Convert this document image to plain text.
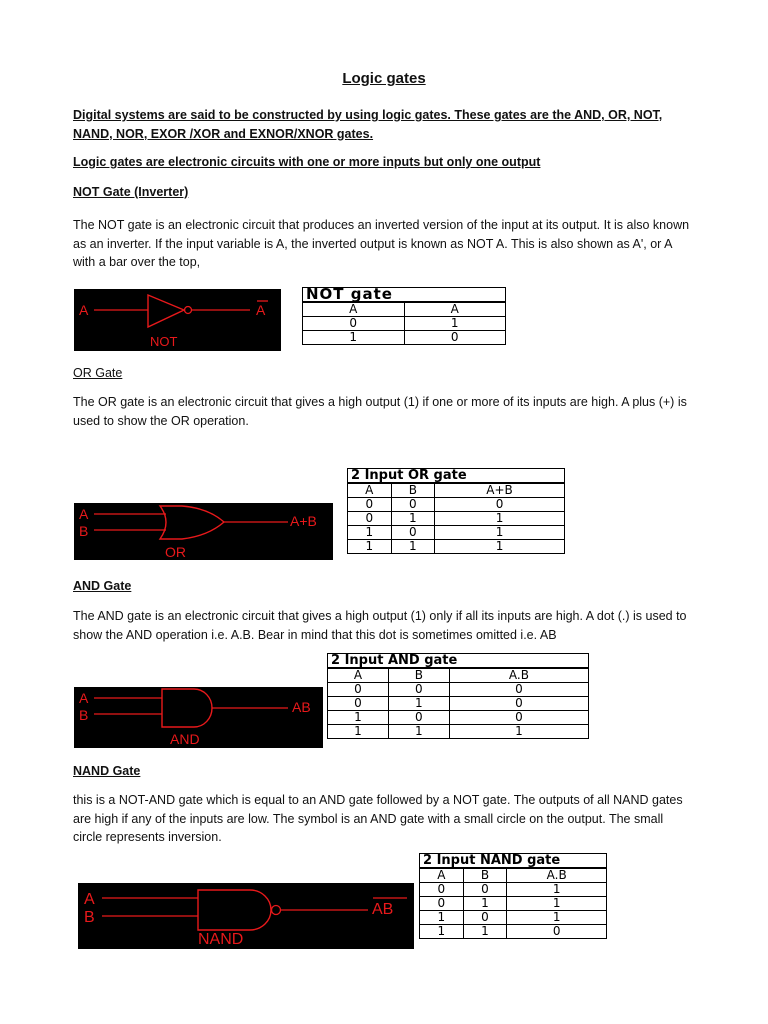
Logic gates
Digital systems are said to be constructed by using logic gates. These gates are the AND, OR, NOT, NAND, NOR, EXOR /XOR and EXNOR/XNOR gates.
Logic gates are electronic circuits with one or more inputs but only one output
NOT Gate (Inverter)
The NOT gate is an electronic circuit that produces an inverted version of the input at its output. It is also known as an inverter. If the input variable is A, the inverted output is known as NOT A. This is also shown as A', or A with a bar over the top,
A	A
NOT
NOT gate	
A	$\overline{A}$
0	1
1	0
OR Gate
The OR gate is an electronic circuit that gives a high output (1) if one or more of its inputs are high. A plus (+) is used to show the OR operation.
2 Input OR gate		
A	B	A+B
0	0	0
0	1	1
1	0	1
1	1	1
A
B
A+B
OR
AND Gate
The AND gate is an electronic circuit that gives a high output (1) only if all its inputs are high. A dot (.) is used to show the AND operation i.e. A.B. Bear in mind that this dot is sometimes omitted i.e. AB
2 Input AND gate		
A	B	A.B
0	0	0
0	1	0
1	0	0
1	1	1
A
B	AB
AND
NAND Gate
this is a NOT-AND gate which is equal to an AND gate followed by a NOT gate. The outputs of all NAND gates are high if any of the inputs are low. The symbol is an AND gate with a small circle on the output. The small circle represents inversion.
2 Input NAND gate		
A	B	A.B
0	0	1
0	1	1
1	0	1
1	1	0
A
B	AB
NAND
